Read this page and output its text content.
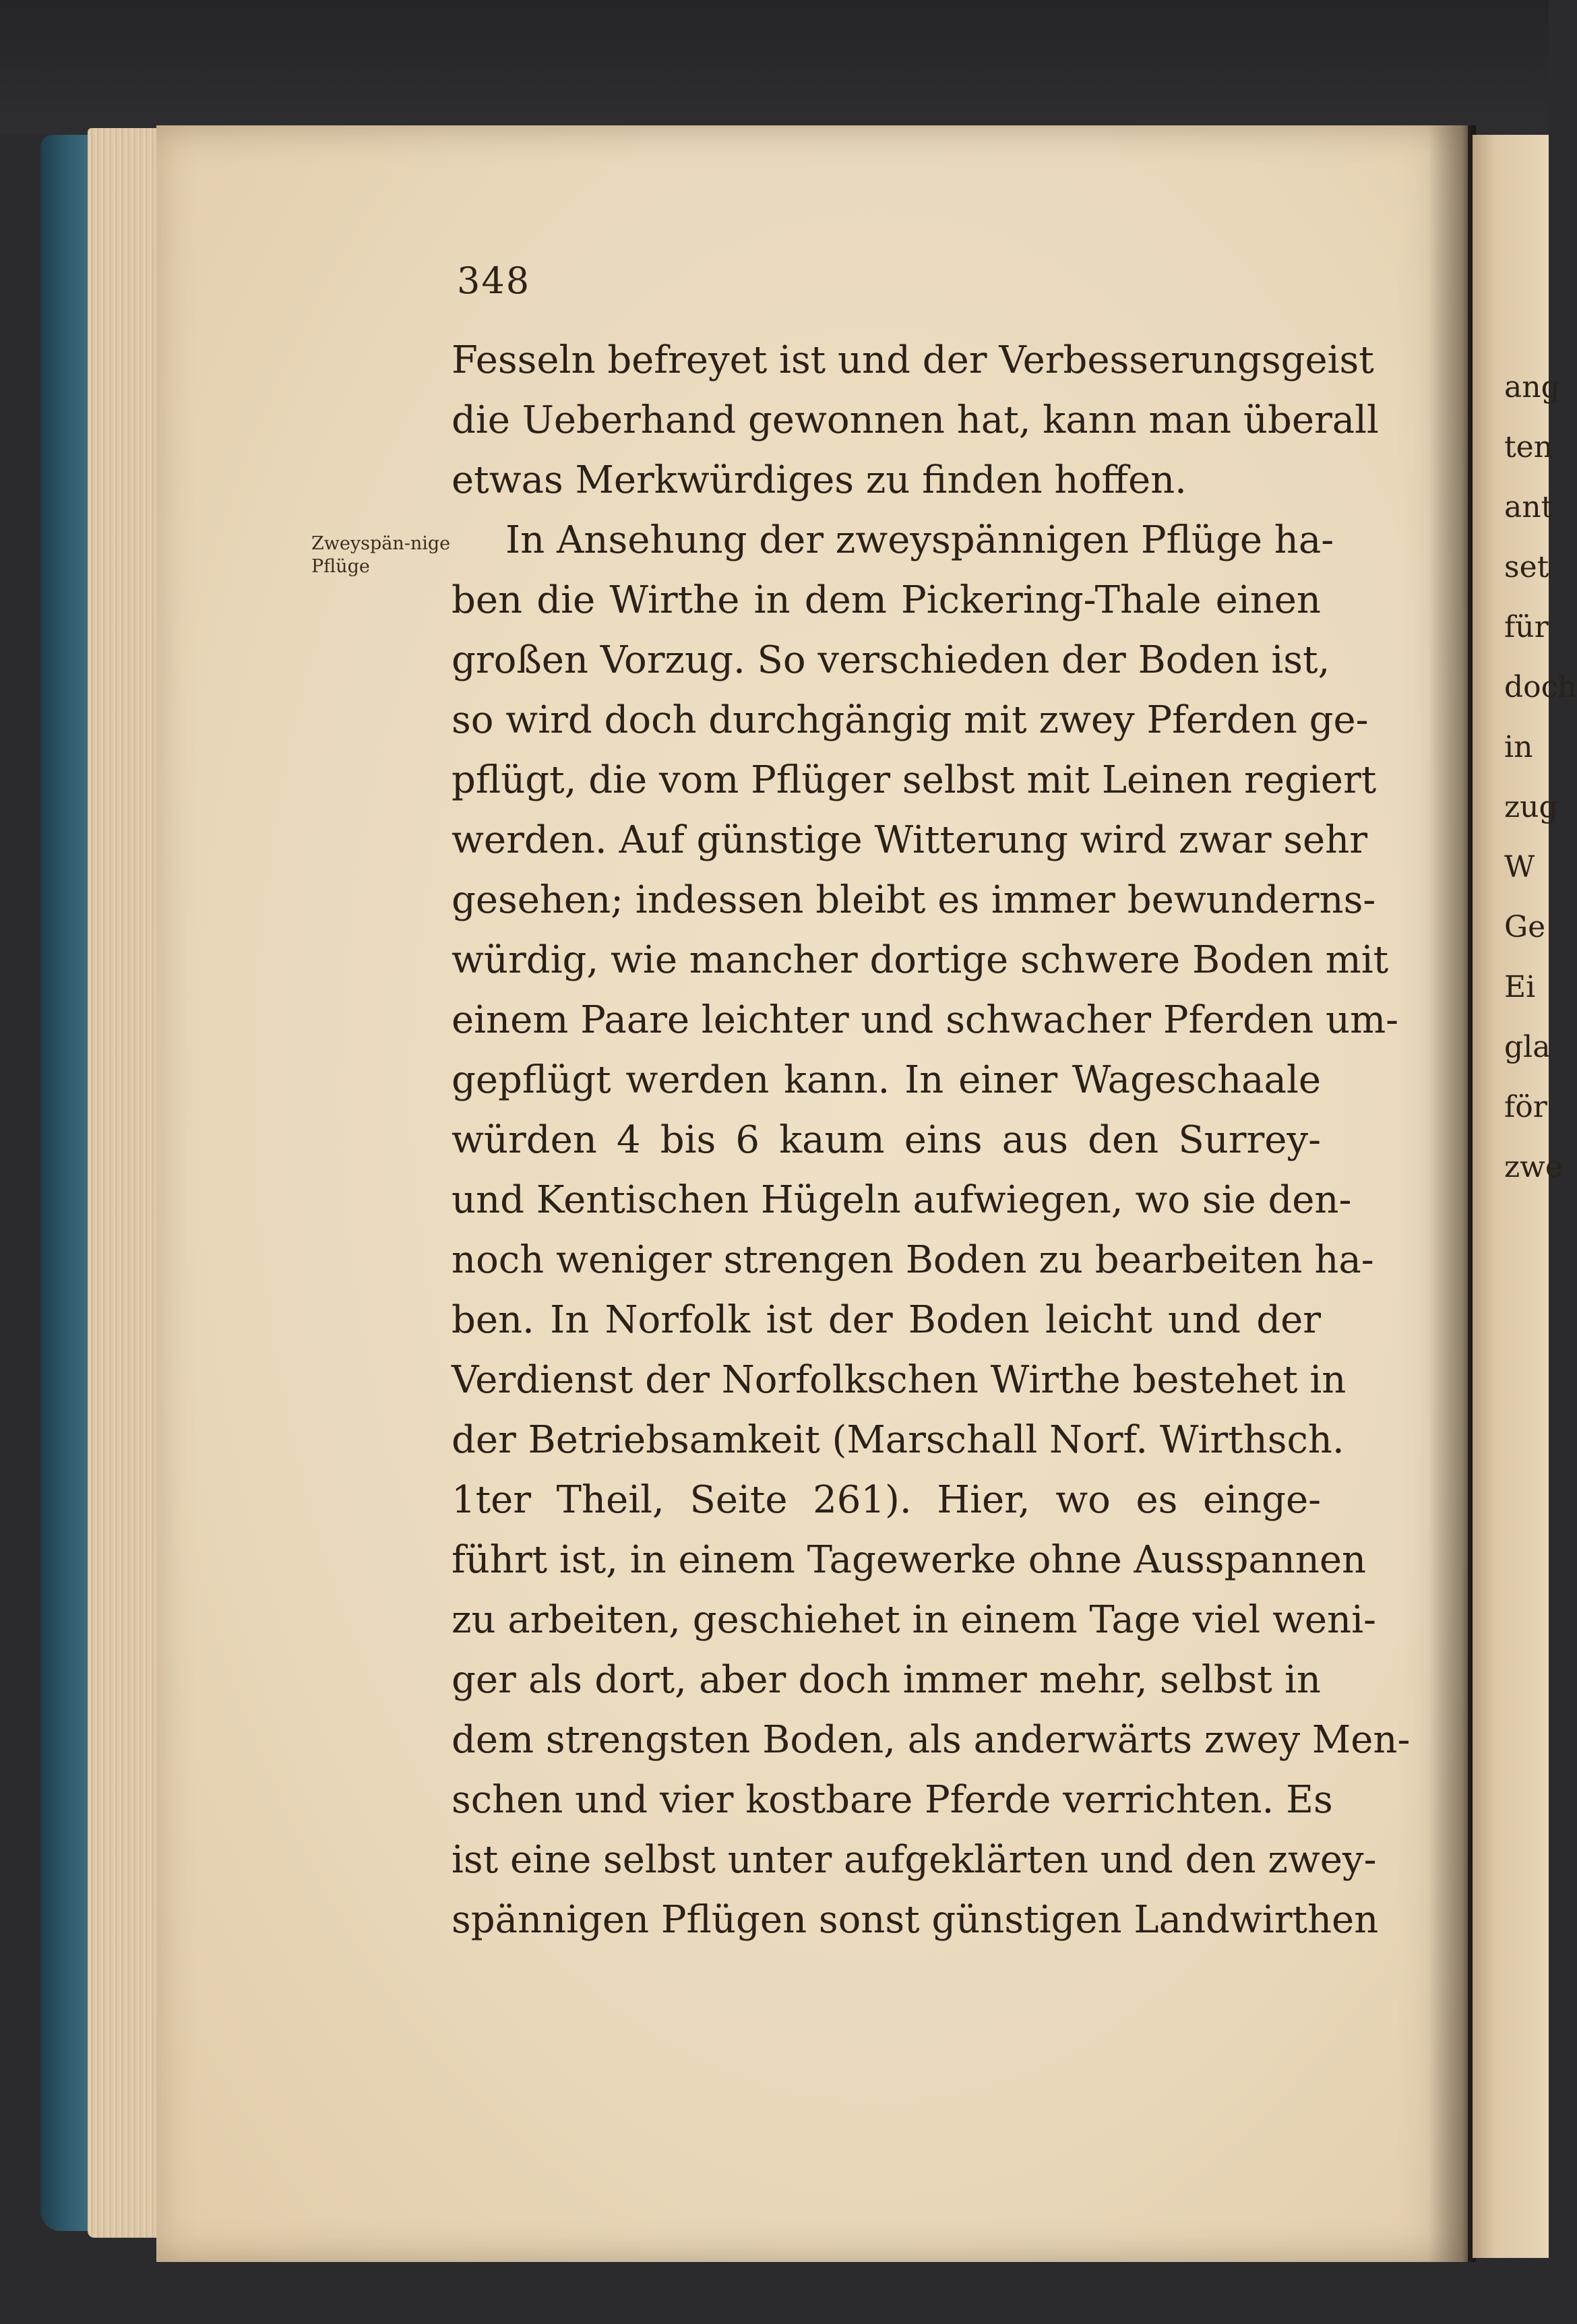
348
Zweyspän-nige Pflüge
Fesseln befreyet ist und der Verbesserungsgeist
die Ueberhand gewonnen hat, kann man überall
etwas Merkwürdiges zu finden hoffen.
In Ansehung der zweyspännigen Pflüge ha-
ben die Wirthe in dem Pickering-Thale einen
großen Vorzug. So verschieden der Boden ist,
so wird doch durchgängig mit zwey Pferden ge-
pflügt, die vom Pflüger selbst mit Leinen regiert
werden. Auf günstige Witterung wird zwar sehr
gesehen; indessen bleibt es immer bewunderns-
würdig, wie mancher dortige schwere Boden mit
einem Paare leichter und schwacher Pferden um-
gepflügt werden kann. In einer Wageschaale
würden 4 bis 6 kaum eins aus den Surrey-
und Kentischen Hügeln aufwiegen, wo sie den-
noch weniger strengen Boden zu bearbeiten ha-
ben. In Norfolk ist der Boden leicht und der
Verdienst der Norfolkschen Wirthe bestehet in
der Betriebsamkeit (Marschall Norf. Wirthsch.
1ter Theil, Seite 261). Hier, wo es einge-
führt ist, in einem Tagewerke ohne Ausspannen
zu arbeiten, geschiehet in einem Tage viel weni-
ger als dort, aber doch immer mehr, selbst in
dem strengsten Boden, als anderwärts zwey Men-
schen und vier kostbare Pferde verrichten. Es
ist eine selbst unter aufgeklärten und den zwey-
spännigen Pflügen sonst günstigen Landwirthen
ang
ten
ant
set
für
doch
in
zug
W
Ge
Ei
gla
för
zwe
